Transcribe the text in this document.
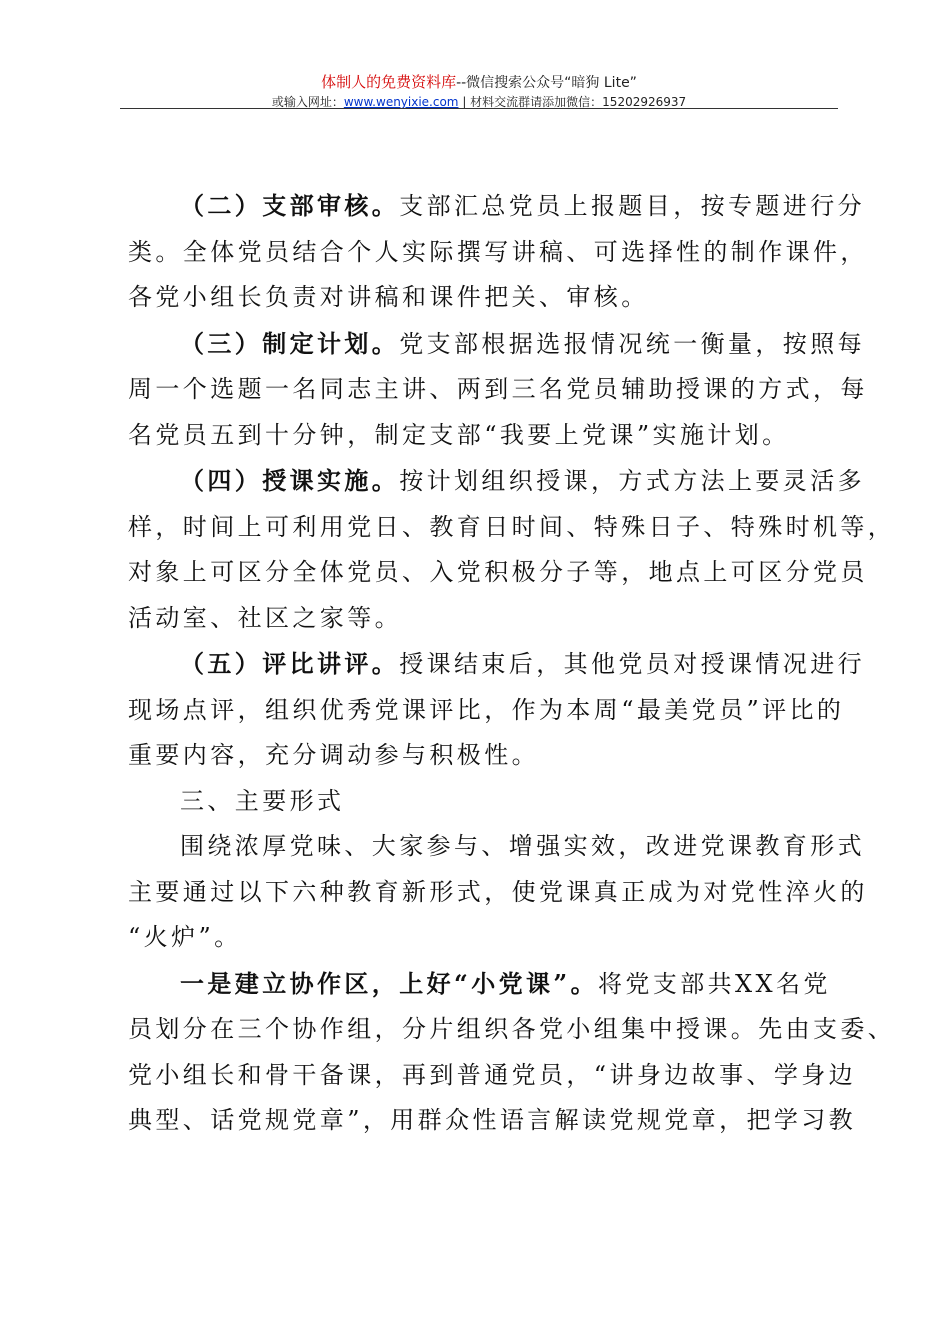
体制人的免费资料库--微信搜索公众号“暗狗 Lite”
或输入网址：www.wenyixie.com | 材料交流群请添加微信：15202926937
（二）支部审核。支部汇总党员上报题目，按专题进行分
类。全体党员结合个人实际撰写讲稿、可选择性的制作课件，
各党小组长负责对讲稿和课件把关、审核。
（三）制定计划。党支部根据选报情况统一衡量，按照每
周一个选题一名同志主讲、两到三名党员辅助授课的方式，每
名党员五到十分钟，制定支部“我要上党课”实施计划。
（四）授课实施。按计划组织授课，方式方法上要灵活多
样，时间上可利用党日、教育日时间、特殊日子、特殊时机等，
对象上可区分全体党员、入党积极分子等，地点上可区分党员
活动室、社区之家等。
（五）评比讲评。授课结束后，其他党员对授课情况进行
现场点评，组织优秀党课评比，作为本周“最美党员”评比的
重要内容，充分调动参与积极性。
三、主要形式
围绕浓厚党味、大家参与、增强实效，改进党课教育形式
主要通过以下六种教育新形式，使党课真正成为对党性淬火的
“火炉”。
一是建立协作区，上好“小党课”。将党支部共XX名党
员划分在三个协作组，分片组织各党小组集中授课。先由支委、
党小组长和骨干备课，再到普通党员，“讲身边故事、学身边
典型、话党规党章”，用群众性语言解读党规党章，把学习教
